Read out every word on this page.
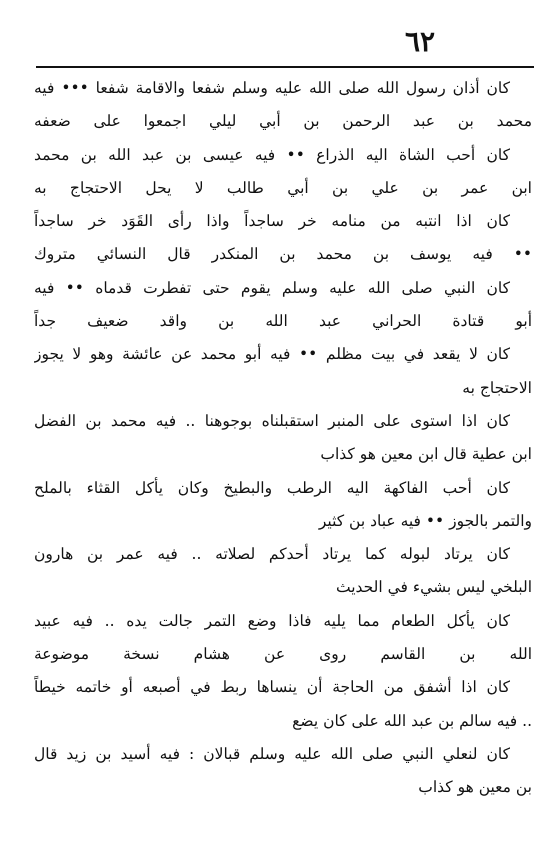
٦٢
كان أذان رسول الله صلى الله عليه وسلم شفعا والاقامة شفعا ••• فيه
محمد بن عبد الرحمن بن أبي ليلي اجمعوا على ضعفه
كان أحب الشاة اليه الذراع •• فيه عيسى بن عبد الله بن محمد
ابن عمر بن علي بن أبي طالب لا يحل الاحتجاج به
كان اذا انتبه من منامه خر ساجداً واذا رأى القَوَد خر ساجداً
•• فيه يوسف بن محمد بن المنكدر قال النسائي متروك
كان النبي صلى الله عليه وسلم يقوم حتى تفطرت قدماه •• فيه
أبو قتادة الحراني عبد الله بن واقد ضعيف جداً
كان لا يقعد في بيت مظلم •• فيه أبو محمد عن عائشة وهو لا يجوز
الاحتجاج به
كان اذا استوى على المنبر استقبلناه بوجوهنا .. فيه محمد بن الفضل
ابن عطية قال ابن معين هو كذاب
كان أحب الفاكهة اليه الرطب والبطيخ وكان يأكل القثاء بالملح
والتمر بالجوز •• فيه عباد بن كثير
كان يرتاد لبوله كما يرتاد أحدكم لصلاته .. فيه عمر بن هارون
البلخي ليس بشيء في الحديث
كان يأكل الطعام مما يليه فاذا وضع التمر جالت يده .. فيه عبيد
الله بن القاسم روى عن هشام نسخة موضوعة
كان اذا أشفق من الحاجة أن ينساها ربط في أصبعه أو خاتمه خيطاً
.. فيه سالم بن عبد الله على كان يضع
كان لنعلي النبي صلى الله عليه وسلم قبالان : فيه أسيد بن زيد قال
بن معين هو كذاب
